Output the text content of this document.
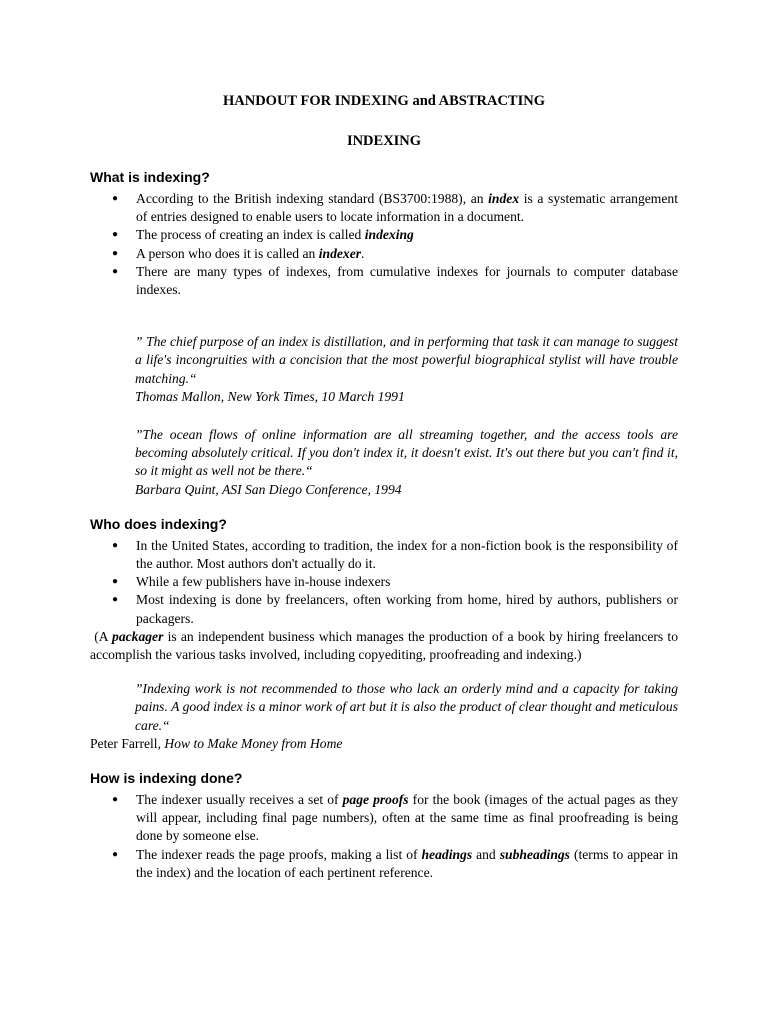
HANDOUT FOR INDEXING and ABSTRACTING
INDEXING
What is indexing?
● According to the British indexing standard (BS3700:1988), an index is a systematic arrangement of entries designed to enable users to locate information in a document.
● The process of creating an index is called indexing
● A person who does it is called an indexer.
● There are many types of indexes, from cumulative indexes for journals to computer database indexes.
” The chief purpose of an index is distillation, and in performing that task it can manage to suggest a life's incongruities with a concision that the most powerful biographical stylist will have trouble matching.“
Thomas Mallon, New York Times, 10 March 1991
”The ocean flows of online information are all streaming together, and the access tools are becoming absolutely critical. If you don't index it, it doesn't exist. It's out there but you can't find it, so it might as well not be there.“
Barbara Quint, ASI San Diego Conference, 1994
Who does indexing?
● In the United States, according to tradition, the index for a non-fiction book is the responsibility of the author. Most authors don't actually do it.
● While a few publishers have in-house indexers
● Most indexing is done by freelancers, often working from home, hired by authors, publishers or packagers.

(A packager is an independent business which manages the production of a book by hiring freelancers to accomplish the various tasks involved, including copyediting, proofreading and indexing.)

”Indexing work is not recommended to those who lack an orderly mind and a capacity for taking pains. A good index is a minor work of art but it is also the product of clear thought and meticulous care.“

Peter Farrell, How to Make Money from Home

How is indexing done?
● The indexer usually receives a set of page proofs for the book (images of the actual pages as they will appear, including final page numbers), often at the same time as final proofreading is being done by someone else.
● The indexer reads the page proofs, making a list of headings and subheadings (terms to appear in the index) and the location of each pertinent reference.
